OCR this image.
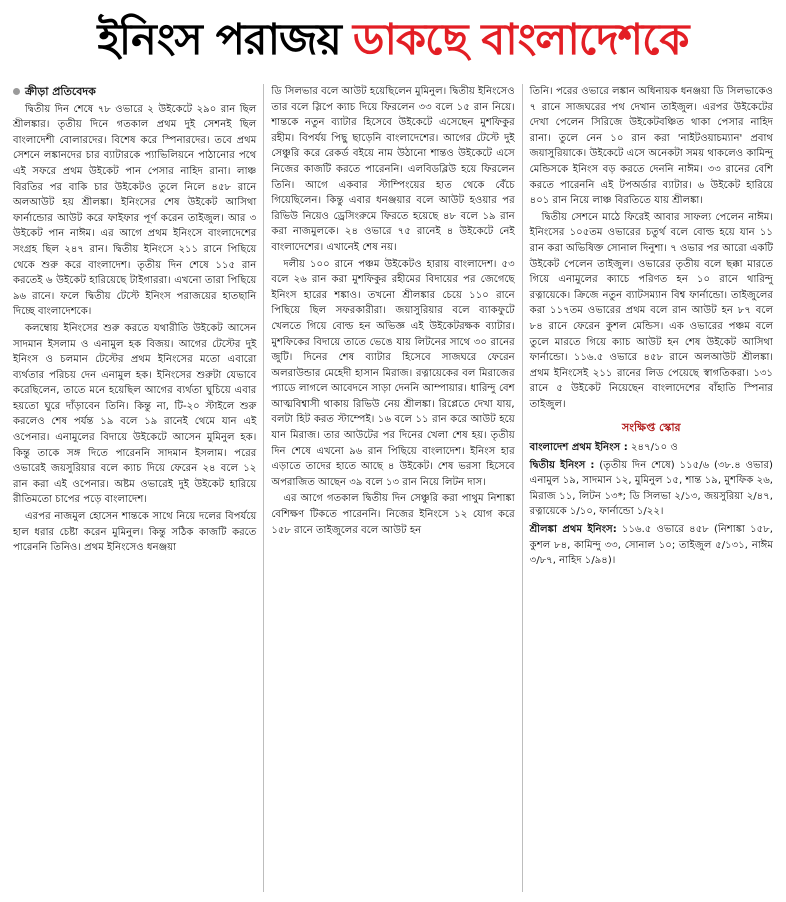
ইনিংস পরাজয় ডাকছে বাংলাদেশকে
ক্রীড়া প্রতিবেদক

দ্বিতীয় দিন শেষে ৭৮ ওভারে ২ উইকেটে ২৯০ রান ছিল শ্রীলঙ্কার। তৃতীয় দিনে গতকাল প্রথম দুই সেশনই ছিল বাংলাদেশী বোলারদের। বিশেষ করে স্পিনারদের। তবে প্রথম সেশনে লঙ্কানদের চার ব্যাটারকে প্যাভিলিয়নে পাঠানোর পথে এই সফরে প্রথম উইকেট পান পেসার নাহিদ রানা। লাঞ্চ বিরতির পর বাকি চার উইকেটও তুলে নিলে ৪৫৮ রানে অলআউট হয় শ্রীলঙ্কা। ইনিংসের শেষ উইকেট আসিথা ফার্নান্ডোর আউট করে ফাইফার পূর্ণ করেন তাইজুল। আর ৩ উইকেট পান নাঈম। এর আগে প্রথম ইনিংসে বাংলাদেশের সংগ্রহ ছিল ২৪৭ রান। দ্বিতীয় ইনিংসে ২১১ রানে পিছিয়ে থেকে শুরু করে বাংলাদেশ। তৃতীয় দিন শেষে ১১৫ রান করতেই ৬ উইকেট হারিয়েছে টাইগাররা। এখনো তারা পিছিয়ে ৯৬ রানে। ফলে দ্বিতীয় টেস্টে ইনিংস পরাজয়ের হাতছানি দিচ্ছে বাংলাদেশকে।

কলম্বোয় ইনিংসের শুরু করতে যথারীতি উইকেট আসেন সাদমান ইসলাম ও এনামুল হক বিজয়। আগের টেস্টের দুই ইনিংস ও চলমান টেস্টের প্রথম ইনিংসের মতো এবারো ব্যর্থতার পরিচয় দেন এনামুল হক। ইনিংসের শুরুটা যেভাবে করেছিলেন, তাতে মনে হয়েছিল আগের ব্যর্থতা ঘুচিয়ে এবার হয়তো ঘুরে দাঁড়াবেন তিনি। কিন্তু না, টি-২০ স্টাইলে শুরু করলেও শেষ পর্যন্ত ১৯ বলে ১৯ রানেই থেমে যান এই ওপেনার। এনামুলের বিদায়ে উইকেটে আসেন মুমিনুল হক। কিন্তু তাকে সঙ্গ দিতে পারেননি সাদমান ইসলাম। পরের ওভারেই জয়সুরিয়ার বলে ক্যাচ দিয়ে ফেরেন ২৪ বলে ১২ রান করা এই ওপেনার। অষ্টম ওভারেই দুই উইকেট হারিয়ে রীতিমতো চাপের পড়ে বাংলাদেশ।

এরপর নাজমুল হোসেন শান্তকে সাথে নিয়ে দলের বিপর্যয়ে হাল ধরার চেষ্টা করেন মুমিনুল। কিন্তু সঠিক কাজটি করতে পারেননি তিনিও। প্রথম ইনিংসেও ধনঞ্জয়া

ডি সিলভার বলে আউট হয়েছিলেন মুমিনুল। দ্বিতীয় ইনিংসেও তার বলে স্লিপে ক্যাচ দিয়ে ফিরলেন ৩৩ বলে ১৫ রান নিয়ে। শান্তকে নতুন ব্যাটার হিসেবে উইকেটে এসেছেন মুশফিকুর রহীম। বিপর্যয় পিছু ছাড়েনি বাংলাদেশের। আগের টেস্টে দুই সেঞ্চুরি করে রেকর্ড বইয়ে নাম উঠানো শান্তও উইকেটে এসে নিজের কাজটি করতে পারেননি। এলবিডব্লিউ হয়ে ফিরলেন তিনি। আগে একবার স্টাম্পিংয়ের হাত থেকে বেঁচে গিয়েছিলেন। কিন্তু এবার ধনঞ্জয়ার বলে আউট হওয়ার পর রিভিউ নিয়েও ড্রেসিংরুমে ফিরতে হয়েছে ৪৮ বলে ১৯ রান করা নাজমুলকে। ২৪ ওভারে ৭৫ রানেই ৪ উইকেটে নেই বাংলাদেশের। এখানেই শেষ নয়।

দলীয় ১০০ রানে পঞ্চম উইকেটও হারায় বাংলাদেশ। ৫৩ বলে ২৬ রান করা মুশফিকুর রহীমের বিদায়ের পর জেগেছে ইনিংস হারের শঙ্কাও। তখনো শ্রীলঙ্কার চেয়ে ১১০ রানে পিছিয়ে ছিল সফরকারীরা। জয়াসুরিয়ার বলে ব্যাকফুটে খেলতে গিয়ে বোল্ড হন অভিজ্ঞ এই উইকেটরক্ষক ব্যাটার। মুশফিকের বিদায়ে তাতে ভেঙে যায় লিটনের সাথে ৩০ রানের জুটি। দিনের শেষ ব্যাটার হিসেবে সাজঘরে ফেরেন অলরাউন্ডার মেহেদী হাসান মিরাজ। রত্নায়েকের বল মিরাজের প্যাডে লাগলে আবেদনে সাড়া দেননি আম্পায়ার। ধারিন্দু বেশ আত্মবিশ্বাসী থাকায় রিভিউ নেয় শ্রীলঙ্কা। রিপ্লেতে দেখা যায়, বলটা হিট করত স্টাম্পেই। ১৬ বলে ১১ রান করে আউট হয়ে যান মিরাজ। তার আউটের পর দিনের খেলা শেষ হয়। তৃতীয় দিন শেষে এখনো ৯৬ রান পিছিয়ে বাংলাদেশ। ইনিংস হার এড়াতে তাদের হাতে আছে ৪ উইকেট। শেষ ভরসা হিসেবে অপরাজিত আছেন ৩৯ বলে ১৩ রান নিয়ে লিটন দাস।

এর আগে গতকাল দ্বিতীয় দিন সেঞ্চুরি করা পাথুম নিশাঙ্কা বেশিক্ষণ টিকতে পারেননি। নিজের ইনিংসে ১২ যোগ করে ১৫৮ রানে তাইজুলের বলে আউট হন

তিনি। পরের ওভারে লঙ্কান অধিনায়ক ধনঞ্জয়া ডি সিলভাকেও ৭ রানে সাজঘরের পথ দেখান তাইজুল। এরপর উইকেটের দেখা পেলেন সিরিজে উইকেটবঞ্চিত থাকা পেসার নাহিদ রানা। তুলে নেন ১০ রান করা 'নাইটওয়াচম্যান' প্রবাথ জয়াসুরিয়াকে। উইকেটে এসে অনেকটা সময় থাকলেও কামিন্দু মেন্ডিসকে ইনিংস বড় করতে দেননি নাঈম। ৩৩ রানের বেশি করতে পারেননি এই টপঅর্ডার ব্যাটার। ৬ উইকেট হারিয়ে ৪০১ রান নিয়ে লাঞ্চ বিরতিতে যায় শ্রীলঙ্কা।

দ্বিতীয় সেশনে মাঠে ফিরেই আবার সাফল্য পেলেন নাঈম। ইনিংসের ১০৫তম ওভারের চতুর্থ বলে বোল্ড হয়ে যান ১১ রান করা অভিষিক্ত সোনাল দিনুশা। ৭ ওভার পর আরো একটি উইকেট পেলেন তাইজুল। ওভারের তৃতীয় বলে ছক্কা মারতে গিয়ে এনামুলের ক্যাচে পরিণত হন ১০ রানে থারিন্দু রত্নায়েকে। ক্রিজে নতুন ব্যাটসম্যান বিশ্ব ফার্নান্ডো। তাইজুলের করা ১১৭তম ওভারের প্রথম বলে রান আউট হন ৮৭ বলে ৮৪ রানে ফেরেন কুশল মেন্ডিস। এক ওভারের পঞ্চম বলে তুলে মারতে গিয়ে ক্যাচ আউট হন শেষ উইকেট আসিথা ফার্নান্ডো। ১১৬.৫ ওভারে ৪৫৮ রানে অলআউট শ্রীলঙ্কা। প্রথম ইনিংসেই ২১১ রানের লিড পেয়েছে স্বাগতিকরা। ১৩১ রানে ৫ উইকেট নিয়েছেন বাংলাদেশের বাঁহাতি স্পিনার তাইজুল।

সংক্ষিপ্ত স্কোর

বাংলাদেশ প্রথম ইনিংস : ২৪৭/১০ ও

দ্বিতীয় ইনিংস : (তৃতীয় দিন শেষে) ১১৫/৬ (৩৮.৪ ওভার) এনামুল ১৯, সাদমান ১২, মুমিনুল ১৫, শান্ত ১৯, মুশফিক ২৬, মিরাজ ১১, লিটন ১৩*; ডি সিলভা ২/১৩, জয়সুরিয়া ২/৪৭, রত্নায়েকে ১/১০, ফার্নান্ডো ১/২২।

শ্রীলঙ্কা প্রথম ইনিংস: ১১৬.৫ ওভারে ৪৫৮ (নিশাঙ্কা ১৫৮, কুশল ৮৪, কামিন্দু ৩৩, সোনাল ১০; তাইজুল ৫/১৩১, নাঈম ৩/৮৭, নাহিদ ১/৯৪)।
